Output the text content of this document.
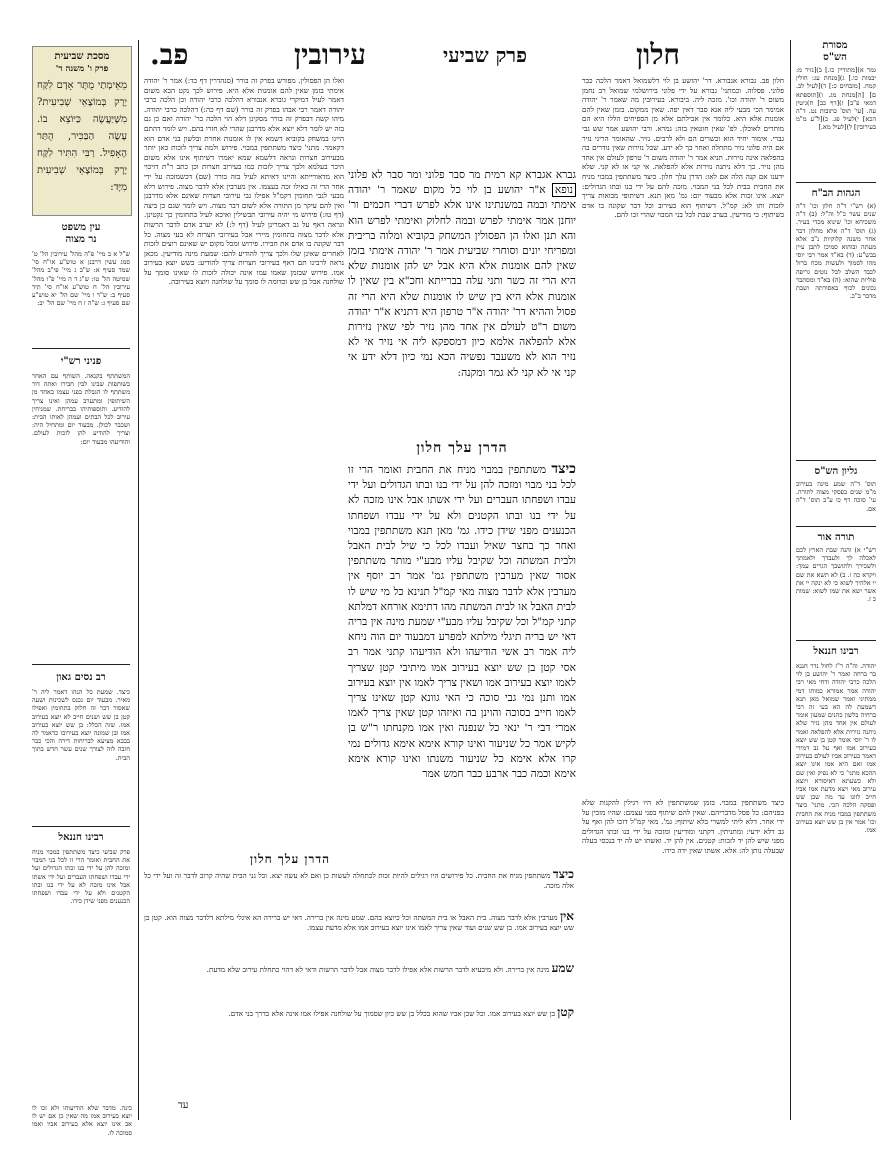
חלון
פרק שביעי
עירובין
פב.	מסורת
הש"ס
גמר א)[מתודיין כו.] ב)[נזיר מ: יבמות כו.] ג)[מנחת עג: חולין קמח. [מזבחים כ:] ד)[לעיל לב. ם] [ה]מנחת מג. ו)[תוספתא דמאי פ"ב] ז)[דף כב] ח)גיטין עה. [עי' תוס' כתובות נט. ד"ה הכא] י)לעיל פג. כ)[ל"ע מ"מ בעירובין] ל)[לעיל מא.]
הגהות הב"ח
(א) רש"י ד"ה חלון וכו' ד"ה שנים עשר כ"ל וה"ל: (ב) ד"ה משכיחא וכו' שינוא מכדי בעיר. (ג) תוס' ד"ה אלא מחלון דבר אחר משנה קלוקיות נ"ב אלא מעתה ובוהוא סמיכו לתבן עיין בבש"ע: (ד) בא"ד אמר רבי יוסי מהו לסמוך ולעשות מכח ברזל לכבד השלב לבל נוטים גריפה פוליות שהוא: (ה) בא"ד ומסתבר נכונים לכוף באסורתה ושבת מדבר ב"כ.
גליון הש"ס
תוס' ד"ה שמע מינה בעירוב מ"מ שנים בפסקי מצוה לתורה. עי' סוכה דף כו ע"ב תוס' ד"ה אם.
תורה אור
רש"י א) והנה שבת הארץ לכם לאכלה לך ולעבדך ולאמתך ולשכירך ולתושבך הגרים עמך: ויקרא כה ו. ב) לא תשא את שם יי אלהיך לשוא כי לא ינקה יי את אשר ישא את שמו לשוא: שמות כ ז.
רבינו חננאל
יהודה. וה"ה ר"ז לחול נדר חננא בר ברחה ואמר ר' יהושע בן לוי הלכה כרבי יהודה ודחי מאי רבי יהודה אמר אמורא כמותו דמי ממתיני ואמר שמואל מאן תנא דשמעת לה הא בעי זה רבי ברחיה בלשון כהנים שמעון אומר לעולם אין אחד מהן נזיר שלא ניתנה נזירות אלא להפלאה ואמר לו ר' יוסי אומר קטן בן שש יוצא בעירוב אמו ואף על גב דמידי דאמר בעירוב אביו לעולם בעירוב אמו ואם היא אמו אינו יוצא ההכא מתני' כי לא נפיק ואין שם ולא כשעתא דאיסורא ויוצא עירוב מאי ויצא מדעת אמו אביו חייב לזונו עד מה שבן שש ופסקה הלכה הכי. מתני' כיצד משתתפין במבוי מניח את החבית וכו' אמר אין בן שש יוצא בעירוב אמו.
מסכת שביעית
פרק ו' משנה ד'
מֵאֵימָתַי מֻתָּר אָדָם לִקַּח יָרָק בְּמוֹצָאֵי שְׁבִיעִית? מִשֶּׁיַּעֲשֶׂה כַּיּוֹצֵא בוֹ. עָשָׂה הַבַּכִּיר, הֻתַּר הָאָפִיל. רַבִּי הִתִּיר לִקַּח יָרָק בְּמוֹצָאֵי שְׁבִיעִית מִיָּד:
עין משפט
נר מצוה
ש"ל א ב מיי' פ"ה מהל' עירובין הל' ט' סמג עשין דרבנן א טוש"ע או"ח סי' שמד סעיף א: ש"ב ג מיי' פי"ב מהל' שמיטה הל' טו: ש"ג ד ה מיי' פ"ו מהל' עירובין הל' ח טוש"ע או"ח סי' תיד סעיף ב: ש"ד ו מיי' שם הל' יא טוש"ע שם סעיף ג: ש"ה ז ח מיי' שם הל' יב:
פניני רש"י
המשתתף בקנאה. השותף עם האחר בשותפות שבינו לבין חבירו ואתה דור משתתף לו הגבלת בפני עצמו באחד מן השיתופין ומתערב עמהן ואינו צריך להודיע. ותוספותיהו בבריחת. שמניחין עירוב לכל הבתים ועמהן לאותו הבית: ושכבר לכולן. מבעוד יום ומתחיל היה: וצריך להודיע להן לזכות לעולם. והודיעהו מבעוד יום:
רב נסים גאון
כיצד. שמעת כל הנהו דאמר ליה ר' מאיר. מבעוד יום נכנס לשכינות ושעה שאסור דבר זה חלוק בתחומין ואפילו קטן בן שש ושנים חייב לא יוצא בעירוב אמו. שזה הכלל: בן שש יוצא בעירוב אמו ובן שמונה יוצא בעירובו כדאמר לה בבבא מציעא לבריחות דירה והכי כבר חובה לזה לצורך שנים עשר חדש בתוך הבית.
רבינו חננאל
פרק שביעי כיצד משתתפין במבוי מניח את החבית ואומר הרי זו לכל בני המבוי ומזכה להן על ידי בנו ובתו הגדולים ועל ידי עבדו ושפחתו העברים ועל ידי אשתו אבל אינו מזכה לא על ידי בנו ובתו הקטנים ולא על ידי עבדו ושפחתו הכנענים מפני שידן כידו.
חלון פב. גבורא אנבורא. דר' יהושע בן לוי דלשמואל דאמר הלכה כבר פלוני. פסלוה. וכמתני' גבורא על ידי פלוני בירושלמי שמואל רב נחמן משום ר' יהודה וכו'. מזכה ליה. ביבורא. בעירובין מה שאמר ר' יהודה אמימר הכי מבעי ליה אנא סבר דאין יפה. שאין ממקום. בזמן שאין להם אומנות אלא היא. כלומר אין אכילתם אלא מן הספיחים הללו היא הם מותרים לאוכלן. לפ' שאין חוטאין בזה: גמרא. ורבי יהושע אמר שש גבי גברי. אימור יחיד הוא וכשרים הם ולא לרבים. נזיר. שהאומר הריני נזיר אם היה פלוני נזיר מתחלה ואחר כך לא ידע. שכל נזירות שאין נודרים בה בהפלאה אינה נזירות. תניא אמר ר' יהודה משום ר' טרפון לעולם אין אחד מהן נזיר. כך דלא ניתנה נזירות אלא להפלאה. אי קני או לא קני. שלא ידענו אם קנה הלה אם לאו: הדרן עלך חלון. כיצד משתתפין במבוי מניח את החבית בבית לכל בני המבוי. מזכה להם על ידי בנו ובתו הגדולים: יוצא. אינו זכות אלא מבעוד יום: גמ' מאן תנא. דשיתופי מבואות צריך לזכות ותו לא: קמ"ל. דשיתוף הוא כעירוב וכל דבר שקונה בו אדם בשיתוף: כי מודיעין. בערב שבת לכל בני המבוי שהרי זכו להם.
ואלו הן הפסולין. מפורש בפרק זה בורר (סנהדרין דף כד:) אמר ר' יהודה אימתי בזמן שאין להם אומנות אלא היא. פירוש לכך נקט הכא משום דאמר לעיל דמיקרי גוברא אנבורא דהלכה כרבי יהודה וכן הלכה כרבי יהודה דאמר רבי אבהו בפרק זה בורר (שם דף כה:) דהלכה כרבי יהודה. מיהו קשה דבפרק זה בורר מסקינן דלא הוי הלכה כר' יהודה ואם כן גם בזה יש לומר דלא יוצא אלא מדרבנן שהרי לא חזרו בהם. ויש לומר דהתם היינו במשחק בקוביא דשמא אין לו אומנות אחרת ובלשון בני אדם הוא דקאמר. מתני' כיצד משתתפין במבוי. פירוש ולמה צריך לזכות כאן יותר מבעירוב חצרות ונראה דלשמא שמא יאמרו דשיתוף אינו אלא משום היכר בעלמא ולכך צריך לזכות כמו בעירוב חצרות וכן כתב ר"ת דזיכוי הוא מדאורייתא והיינו דאיתא לעיל בזה בורר (שם) דכשמזכה על ידי אחר הרי זה כאילו זכה בעצמו. אין מערבין אלא לדבר מצוה. פירוש דלא מבעי לגבי תחומין דקמ"ל אפילו גבי עירובי חצרות שאינם אלא מדרבנן ואין להם עיקר מן התורה אלא לשום דבר מצוה. ויש לומר שגם כן ביצה (דף טז:) פירוש מי יהיה עירובי תבשילין ואיכא לעיל בתחומין כך נקטינן. ונראה דאף על גב דאמרינן לעיל (דף ל:) לא יערב אדם לדבר הרשות אלא לדבר מצוה בתחומין מיירי אבל בעירובי חצרות לא בעי מצוה. כל דבר שקונה בו אדם את חבירו. פירוש ומכל מקום יש שאינם רוצים לזכות לאחרים שאינן שלו ולכך צריך להודיע להם: שמעת מינה מודיעין. מכאן נראה לרבינו תם דאף בעירובי חצרות צריך להודיע: בשש יוצא בעירוב אמו. פירוש שבזמן שאמו עמו אינה יכולה לזכות לו שאינו סומך על שולחנה אבל בן שש וכדומה לו סומך על שולחנה ויוצא בעירובה.
גברא אגברא קא רמית מר סבר פלוני ומר סבר לא פלוני נופא א"ר יהושע בן לוי כל מקום שאמר ר' יהודה אימתי ובמה במשנתינו אינו אלא לפרש דברי חכמים ור' יוחנן אמר אימתי לפרש ובמה לחלוק ואימתי לפרש הוא והא תנן ואלו הן הפסולין המשחק בקוביא ומלוה בריבית ומפריחי יונים וסוחרי שביעית אמר ר' יהודה אימתי בזמן שאין להם אומנות אלא היא אבל יש להן אומנות שלא היא הרי זה כשר ותני עלה בברייתא וחכ"א בין שאין לו אומנות אלא היא בין שיש לו אומנות שלא היא הרי זה פסול וההיא דר' יהודה א"ר טרפון היא דתניא א"ר יהודה משום ר"ט לעולם אין אחד מהן נזיר לפי שאין נזירות אלא להפלאה אלמא כיון דמספקא ליה אי נזיר אי לא נזיר הוא לא משעבד נפשיה הכא נמי כיון דלא ידע אי קני אי לא קני לא גמר ומקנה:
הדרן עלך חלון
כיצד משתתפין במבוי מניח את החבית ואומר הרי זו לכל בני מבוי ומזכה להן על ידי בנו ובתו הגדולים ועל ידי עבדו ושפחתו העברים ועל ידי אשתו אבל אינו מזכה לא על ידי בנו ובתו הקטנים ולא על ידי עבדו ושפחתו הכנענים מפני שידן כידו. גמ' מאן תנא משתתפין במבוי ואחר כך בחצר שאיל ועבדו לכל כי שיל לבית האבל ולבית המשתה וכל שקיבל עליו מבע"י מותר משתתפין אסור שאין מערבין משתתפין גמ' אמר רב יוסף אין מערבין אלא לדבר מצוה מאי קמ"ל תנינא כל מי שיש לו לבית האבל או לבית המשתה מהו דתימא אורחא דמלתא קתני קמ"ל וכל שקיבל עליו מבע"י שמעת מינה אין בריה דאי יש בריה תיגלי מילתא למפרע דמבעוד יום הוה ניחא ליה אמר רב אשי הודיעהו ולא הודיעהו קתני אמר רב אסי קטן בן שש יוצא בעירוב אמו מיתיבי קטן שצריך לאמו יוצא בעירוב אמו ושאין צריך לאמו אין יוצא בעירוב אמו ותנן נמי גבי סוכה כי האי גוונא קטן שאינו צריך לאמו חייב בסוכה והוינן בה ואיזהו קטן שאין צריך לאמו אמרי דבי ר' ינאי כל שנפנה ואין אמו מקנחתו ר"ש בן לקיש אמר כל שניעור ואינו קורא אימא אימא גדולים נמי קרו אלא אימא כל שניעור משנתו ואינו קורא אימא אימא וכמה כבר ארבע כבר חמש אמר
כיצד משתתפין במבוי. בזמן שמשתתפין לא היו רגילין להקנות שלא בפניהם: כל פסל מדבריהם. שאין להם שיתוף בפני עצמם: שהיו מזכין על ידי אחר. דלא ליתי למשרי בלא שיתוף: גמ'. מאי קמ"ל דזכו להן ואף על גב דלא ידעי: ומתניתין. דקתני ומודיעין ומזכה על ידי בנו ובתו הגדולים מפני שיש להן יד לזכות: קטנים. אין להן יד. ואשתו יש לה יד בנכסי בעלה שבעלה נותן לה: אלא. אשתו שאין ידה כידו.
הדרן עלך חלון
כיצד משתתפין מניח את החבית. כל פירושים היו רגילים להיות זכות לכתחלה לעשות כן ואם לא עשה יצא. וכל גני הבית שהיה קרוב לדבר זה ועל ידי כל אלה מזכה.
אין מערבין אלא לדבר מצוה. בית האבל או בית המשתה וכל כיוצא בהם. שמע מינה אין ברירה. דאי יש ברירה הא איגלי מילתא דלדבר מצוה הוא. קטן בן שש יוצא בעירוב אמו. בן שש שנים ועוד שאין צריך לאמו אינו יוצא בעירוב אמו אלא מדעת עצמו.
שמע מינה אין ברירה. ולא מיבעיא לדבר הרשות אלא אפילו לדבר מצוה אבל לדבר הרשות ודאי לא דהוי כתחלת עירוב שלא מדעת.
קטן בן שש יוצא בעירוב אמו. וכל שכן אביו שהוא בכלל בן שש כיון שסמוך על שולחנה אפילו אמו אינה אלא כדרך בני אדם.
כינה. מדבר שלא הודיעוהו ולא זכו לו יוצא בעירוב אמו מה שאין כן אם יש לו אב אינו יוצא אלא בעירוב אביו ואמו סמוכה לו.
עד
